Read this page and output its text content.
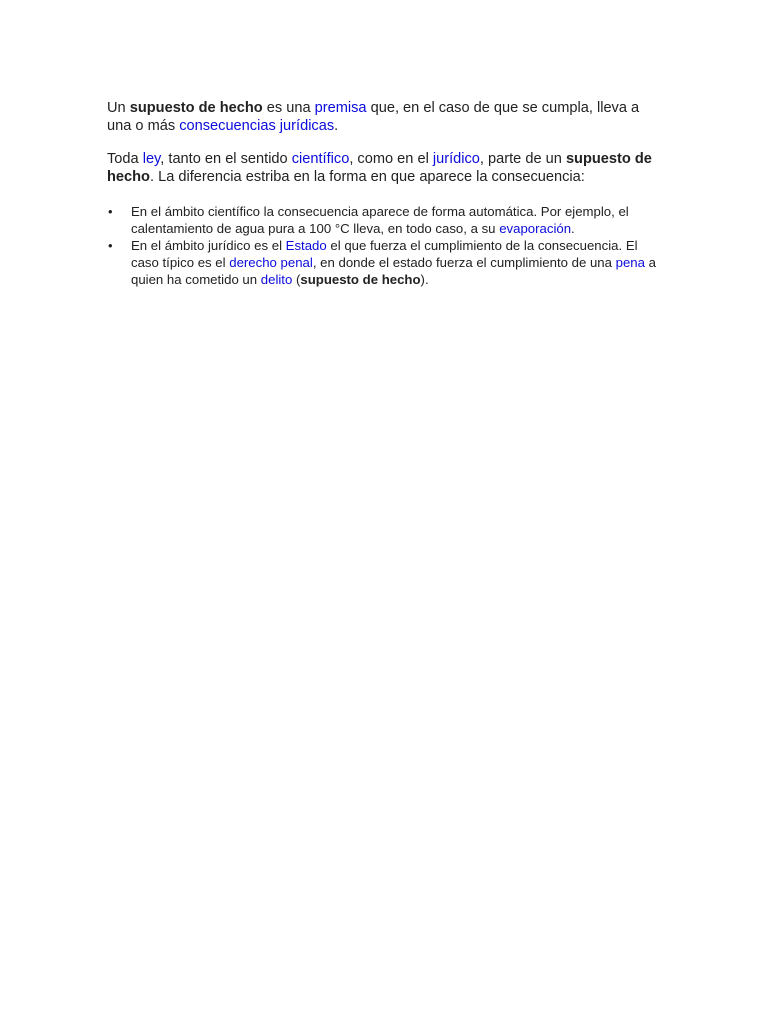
Un supuesto de hecho es una premisa que, en el caso de que se cumpla, lleva a una o más consecuencias jurídicas.

Toda ley, tanto en el sentido científico, como en el jurídico, parte de un supuesto de hecho. La diferencia estriba en la forma en que aparece la consecuencia:

• En el ámbito científico la consecuencia aparece de forma automática. Por ejemplo, el calentamiento de agua pura a 100 °C lleva, en todo caso, a su evaporación.
• En el ámbito jurídico es el Estado el que fuerza el cumplimiento de la consecuencia. El caso típico es el derecho penal, en donde el estado fuerza el cumplimiento de una pena a quien ha cometido un delito (supuesto de hecho).
